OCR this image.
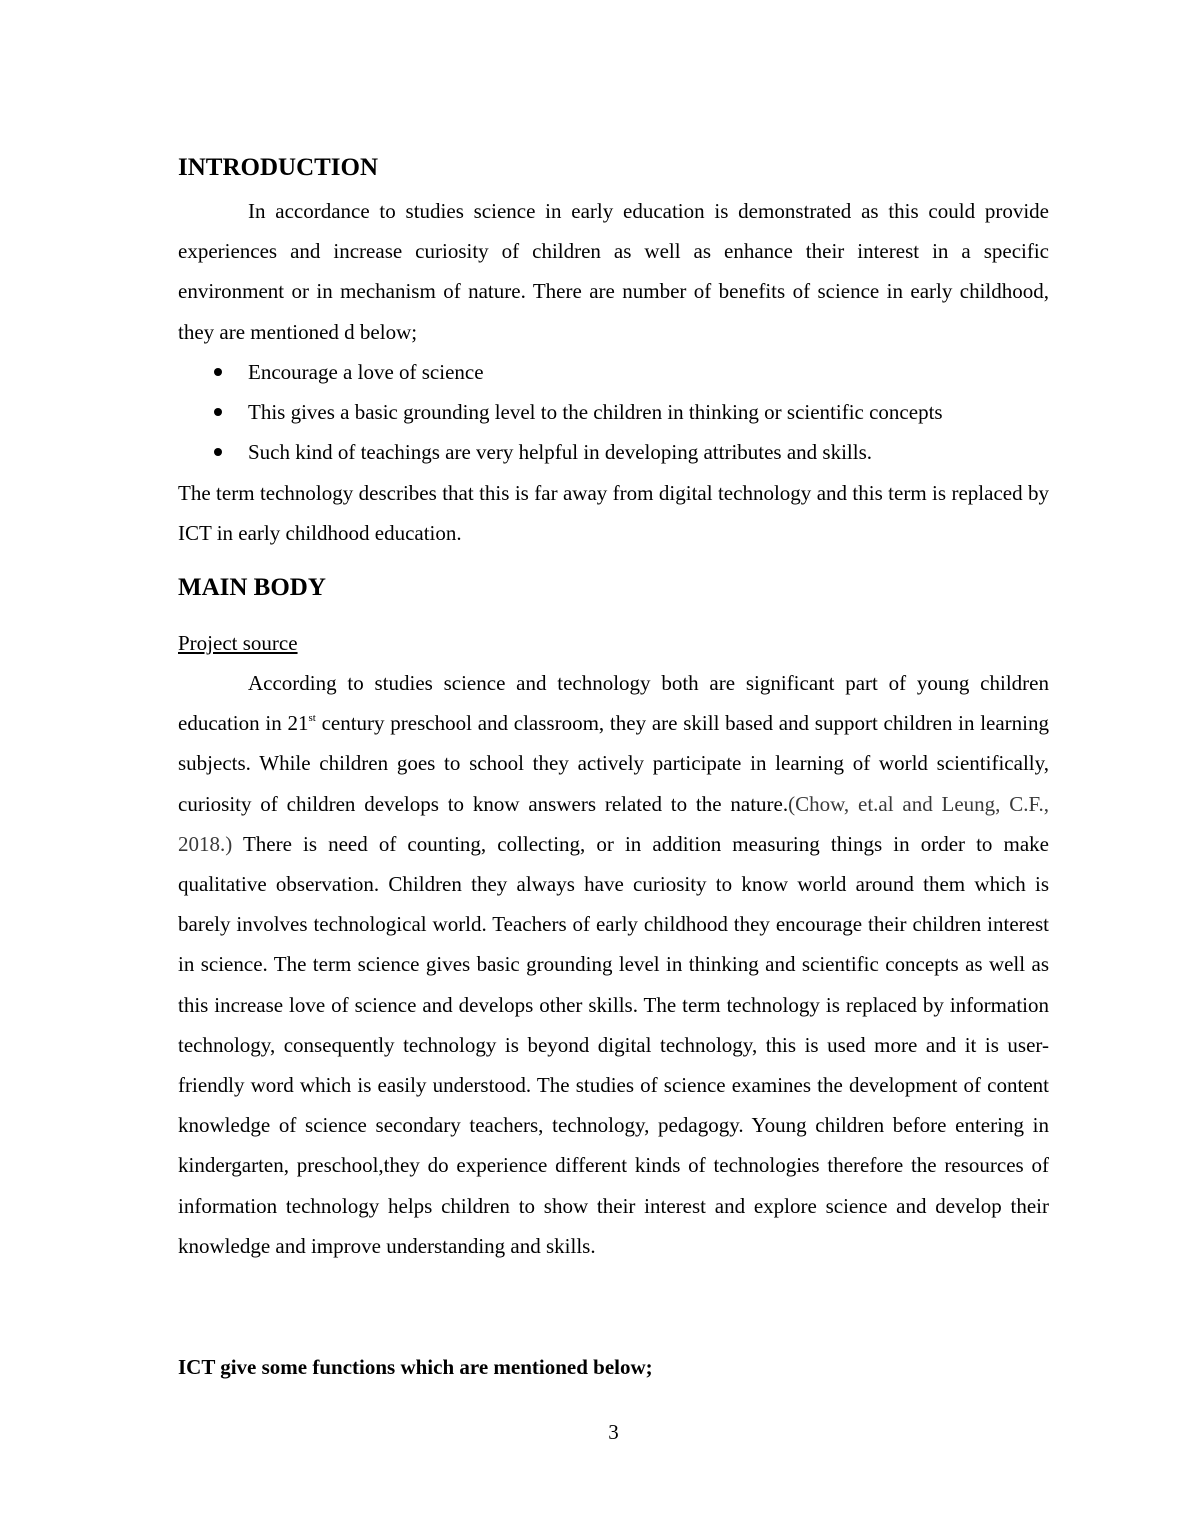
INTRODUCTION

In accordance to studies science in early education is demonstrated as this could provide experiences and increase curiosity of children as well as enhance their interest in a specific environment or in mechanism of nature. There are number of benefits of science in early childhood, they are mentioned d below;

Encourage a love of science
This gives a basic grounding level to the children in thinking or scientific concepts
Such kind of teachings are very helpful in developing attributes and skills.

The term technology describes that this is far away from digital technology and this term is replaced by ICT in early childhood education.

MAIN BODY

Project source

According to studies science and technology both are significant part of young children education in 21st century preschool and classroom, they are skill based and support children in learning subjects. While children goes to school they actively participate in learning of world scientifically, curiosity of children develops to know answers related to the nature.(Chow, et.al and Leung, C.F., 2018.) There is need of counting, collecting, or in addition measuring things in order to make qualitative observation. Children they always have curiosity to know world around them which is barely involves technological world. Teachers of early childhood they encourage their children interest in science. The term science gives basic grounding level in thinking and scientific concepts as well as this increase love of science and develops other skills. The term technology is replaced by information technology, consequently technology is beyond digital technology, this is used more and it is user- friendly word which is easily understood. The studies of science examines the development of content knowledge of science secondary teachers, technology, pedagogy. Young children before entering in kindergarten, preschool,they do experience different kinds of technologies therefore the resources of information technology helps children to show their interest and explore science and develop their knowledge and improve understanding and skills.

ICT give some functions which are mentioned below;

3
